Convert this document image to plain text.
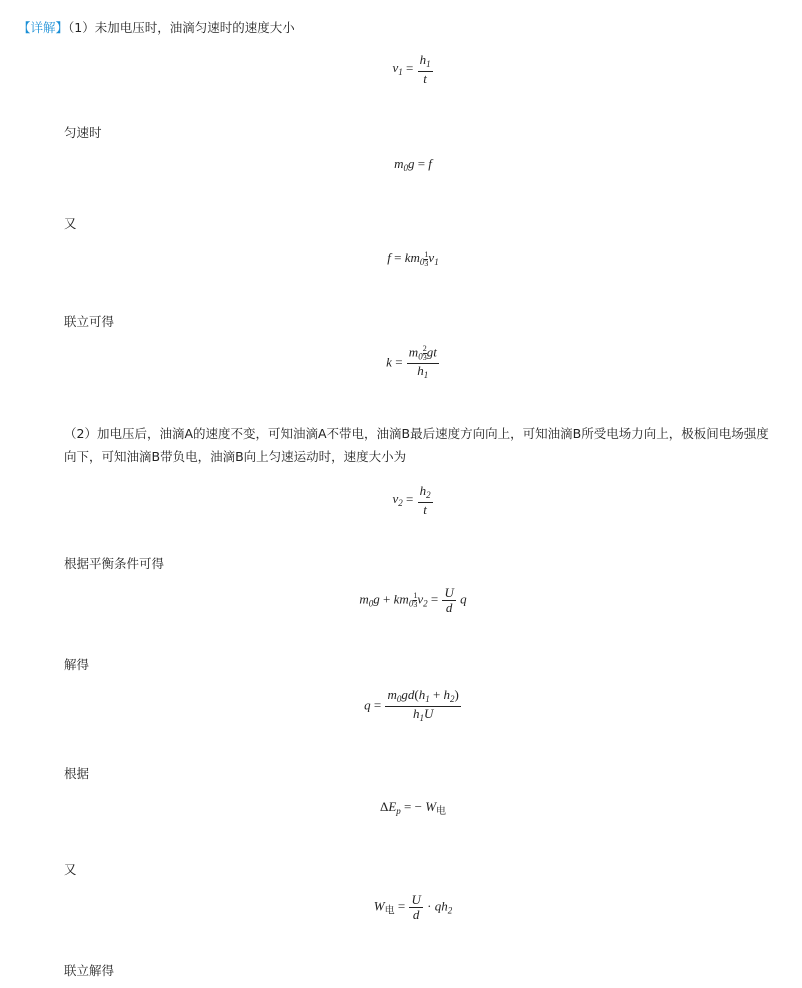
【详解】（1）未加电压时，油滴匀速时的速度大小
$v_1 = \frac{h_1}{t}$
匀速时
$m_0g = f$
又
$f = km_0 \frac{1}{3} v_1$
联立可得
$k = \frac{m_0 \frac{2}{3} gt}{h_1}$
（2）加电压后，油滴A的速度不变，可知油滴A不带电，油滴B最后速度方向向上，可知油滴B所受电场力向上，极板间电场强度向下，可知油滴B带负电，油滴B向上匀速运动时，速度大小为
$v_2 = \frac{h_2}{t}$
根据平衡条件可得
$m_0g + km_0 \frac{1}{3} v_2 = \frac{U}{d}$ q
解得
$q = \frac{m_0gd(h_1 + h_2)}{h_1U}$
根据
$\Delta E_p$ = − $W_电$
又
$W_电 = \frac{U}{d} \cdot qh_2$
联立解得
